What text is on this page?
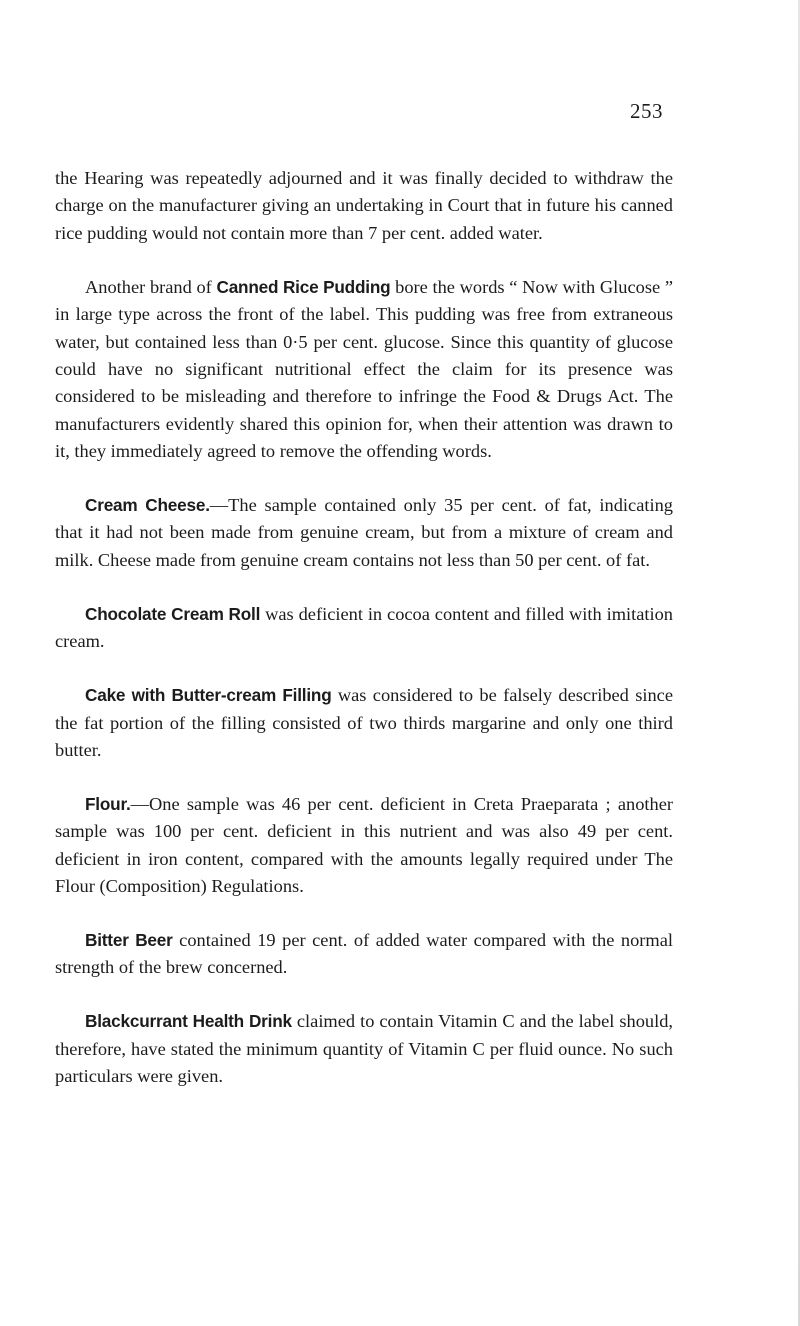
253

the Hearing was repeatedly adjourned and it was finally decided to withdraw the charge on the manufacturer giving an undertaking in Court that in future his canned rice pudding would not contain more than 7 per cent. added water.

Another brand of Canned Rice Pudding bore the words “ Now with Glucose ” in large type across the front of the label. This pudding was free from extraneous water, but contained less than 0·5 per cent. glucose. Since this quantity of glucose could have no significant nutritional effect the claim for its presence was considered to be misleading and therefore to infringe the Food & Drugs Act. The manufacturers evidently shared this opinion for, when their attention was drawn to it, they immediately agreed to remove the offending words.

Cream Cheese.—The sample contained only 35 per cent. of fat, indicating that it had not been made from genuine cream, but from a mixture of cream and milk. Cheese made from genuine cream contains not less than 50 per cent. of fat.

Chocolate Cream Roll was deficient in cocoa content and filled with imitation cream.

Cake with Butter-cream Filling was considered to be falsely described since the fat portion of the filling consisted of two thirds margarine and only one third butter.

Flour.—One sample was 46 per cent. deficient in Creta Praeparata ; another sample was 100 per cent. deficient in this nutrient and was also 49 per cent. deficient in iron content, compared with the amounts legally required under The Flour (Composition) Regulations.

Bitter Beer contained 19 per cent. of added water compared with the normal strength of the brew concerned.

Blackcurrant Health Drink claimed to contain Vitamin C and the label should, therefore, have stated the minimum quantity of Vitamin C per fluid ounce. No such particulars were given.
